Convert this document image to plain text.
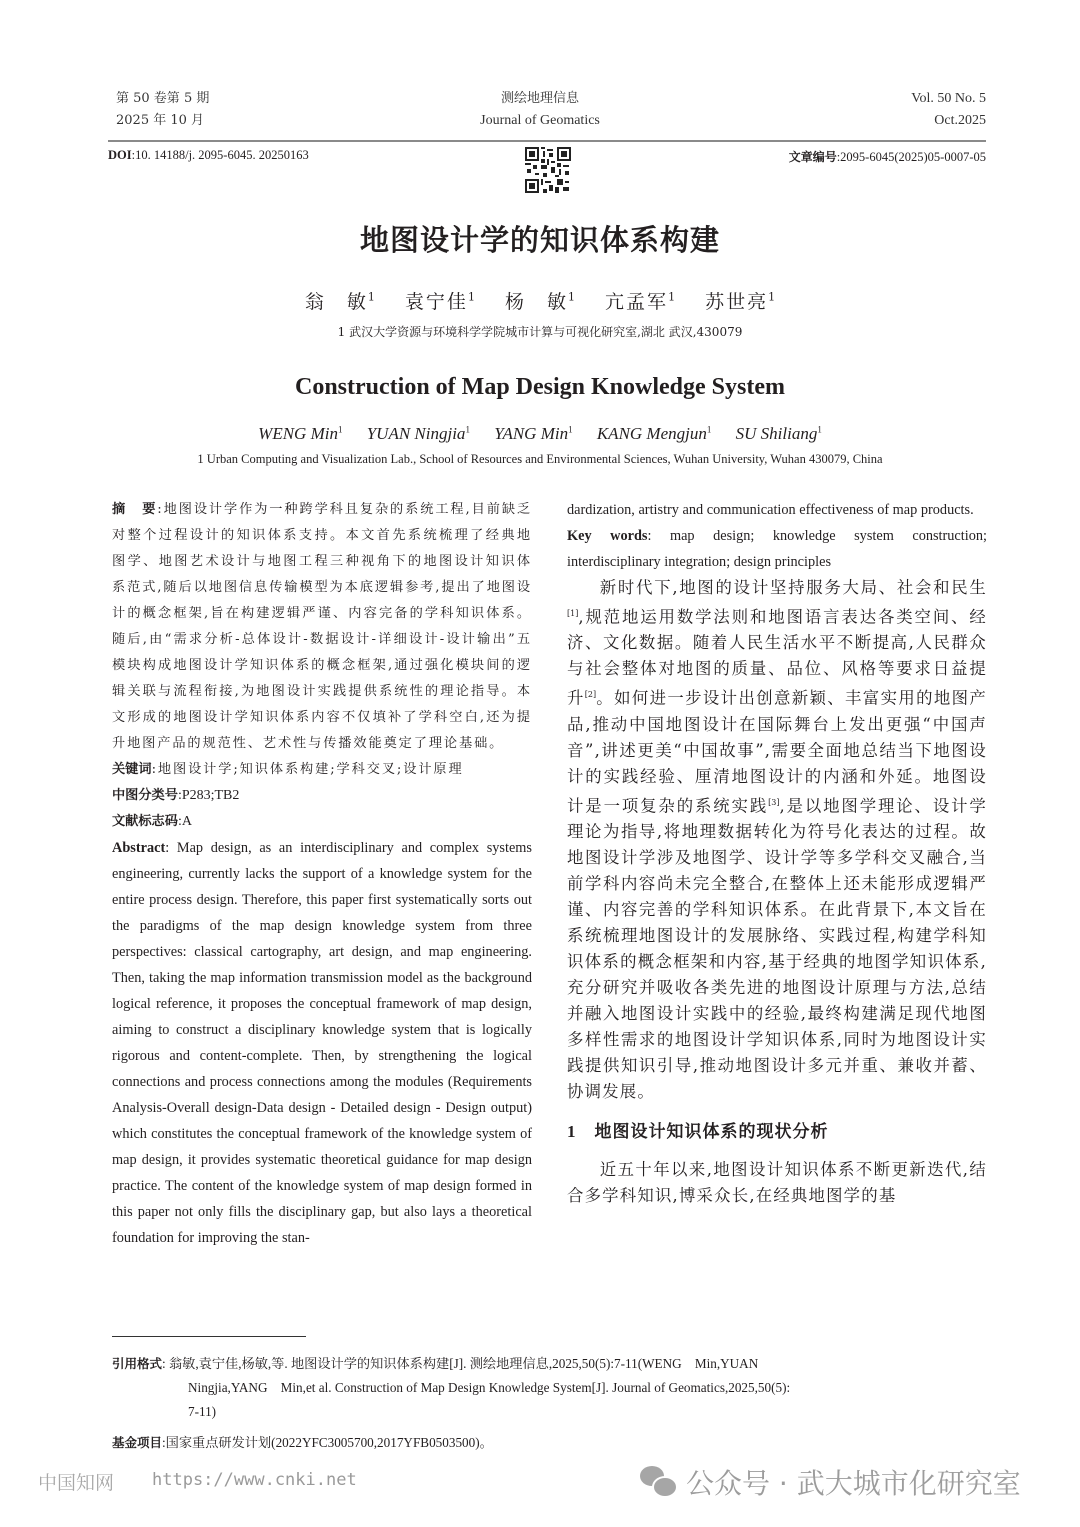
第 50 卷第 5 期
2025 年 10 月
测绘地理信息
Journal of Geomatics
Vol. 50 No. 5
Oct.2025
DOI:10. 14188/j. 2095-6045. 20250163	文章编号:2095-6045(2025)05-0007-05
地图设计学的知识体系构建
翁　敏$^1$ 袁宁佳$^1$ 杨　敏$^1$ 亢孟军$^1$ 苏世亮$^1$
1 武汉大学资源与环境科学学院城市计算与可视化研究室,湖北 武汉,430079
Construction of Map Design Knowledge System
WENG Min$^1$ YUAN Ningjia$^1$ YANG Min$^1$ KANG Mengjun$^1$ SU Shiliang$^1$
1 Urban Computing and Visualization Lab., School of Resources and Environmental Sciences, Wuhan University, Wuhan 430079, China

摘　要:地图设计学作为一种跨学科且复杂的系统工程,目前缺乏对整个过程设计的知识体系支持。本文首先系统梳理了经典地图学、地图艺术设计与地图工程三种视角下的地图设计知识体系范式,随后以地图信息传输模型为本底逻辑参考,提出了地图设计的概念框架,旨在构建逻辑严谨、内容完备的学科知识体系。随后,由“需求分析-总体设计-数据设计-详细设计-设计输出”五模块构成地图设计学知识体系的概念框架,通过强化模块间的逻辑关联与流程衔接,为地图设计实践提供系统性的理论指导。本文形成的地图设计学知识体系内容不仅填补了学科空白,还为提升地图产品的规范性、艺术性与传播效能奠定了理论基础。

关键词:地图设计学;知识体系构建;学科交叉;设计原理

中图分类号:P283;TB2

文献标志码:A

Abstract: Map design, as an interdisciplinary and complex systems engineering, currently lacks the support of a knowledge system for the entire process design. Therefore, this paper first systematically sorts out the paradigms of the map design knowledge system from three perspectives: classical cartography, art design, and map engineering. Then, taking the map information transmission model as the background logical reference, it proposes the conceptual framework of map design, aiming to construct a disciplinary knowledge system that is logically rigorous and content-complete. Then, by strengthening the logical connections and process connections among the modules (Requirements Analysis-Overall design-Data design - Detailed design - Design output) which constitutes the conceptual framework of the knowledge system of map design, it provides systematic theoretical guidance for map design practice. The content of the knowledge system of map design formed in this paper not only fills the disciplinary gap, but also lays a theoretical foundation for improving the stan-

dardization, artistry and communication effectiveness of map products.

Key words: map design; knowledge system construction; interdisciplinary integration; design principles

新时代下,地图的设计坚持服务大局、社会和民生[1],规范地运用数学法则和地图语言表达各类空间、经济、文化数据。随着人民生活水平不断提高,人民群众与社会整体对地图的质量、品位、风格等要求日益提升[2]。如何进一步设计出创意新颖、丰富实用的地图产品,推动中国地图设计在国际舞台上发出更强“中国声音”,讲述更美“中国故事”,需要全面地总结当下地图设计的实践经验、厘清地图设计的内涵和外延。地图设计是一项复杂的系统实践[3],是以地图学理论、设计学理论为指导,将地理数据转化为符号化表达的过程。故地图设计学涉及地图学、设计学等多学科交叉融合,当前学科内容尚未完全整合,在整体上还未能形成逻辑严谨、内容完善的学科知识体系。在此背景下,本文旨在系统梳理地图设计的发展脉络、实践过程,构建学科知识体系的概念框架和内容,基于经典的地图学知识体系,充分研究并吸收各类先进的地图设计原理与方法,总结并融入地图设计实践中的经验,最终构建满足现代地图多样性需求的地图设计学知识体系,同时为地图设计实践提供知识引导,推动地图设计多元并重、兼收并蓄、协调发展。

1 地图设计知识体系的现状分析

近五十年以来,地图设计知识体系不断更新迭代,结合多学科知识,博采众长,在经典地图学的基

引用格式: 翁敏,袁宁佳,杨敏,等. 地图设计学的知识体系构建[J]. 测绘地理信息,2025,50(5):7-11(WENG　Min,YUAN
Ningjia,YANG　Min,et al. Construction of Map Design Knowledge System[J]. Journal of Geomatics,2025,50(5):
7-11)
基金项目:国家重点研发计划(2022YFC3005700,2017YFB0503500)。
中国知网 https://www.cnki.net	公众号 · 武大城市化研究室
